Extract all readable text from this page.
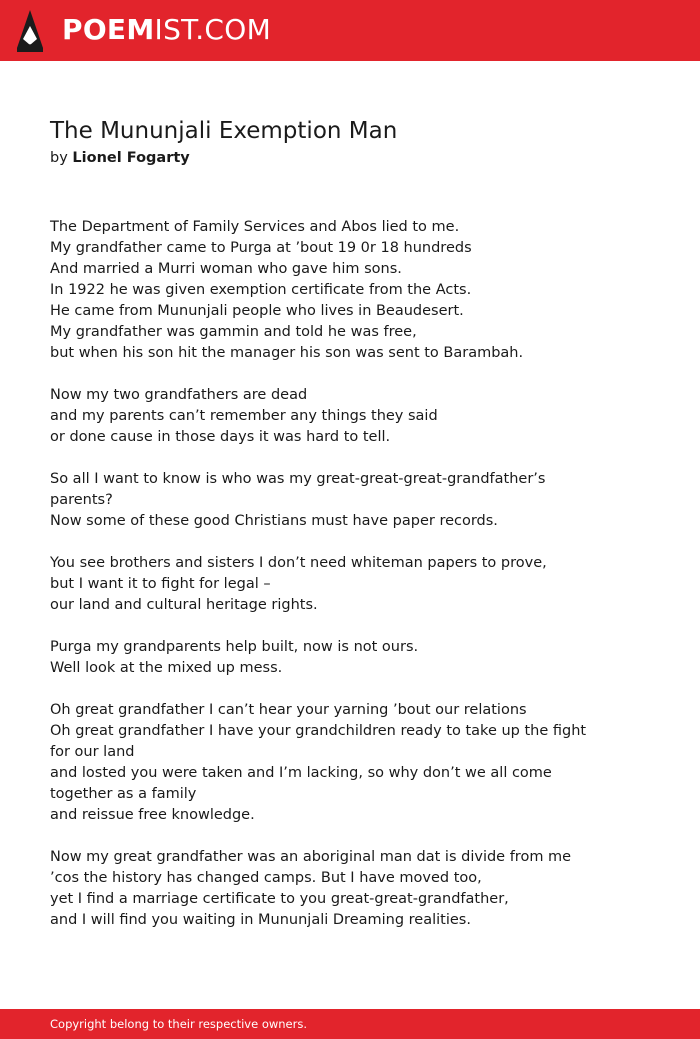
POEMIST.COM
The Mununjali Exemption Man
by Lionel Fogarty
The Department of Family Services and Abos lied to me.
My grandfather came to Purga at ’bout 19 0r 18 hundreds
And married a Murri woman who gave him sons.
In 1922 he was given exemption certificate from the Acts.
He came from Mununjali people who lives in Beaudesert.
My grandfather was gammin and told he was free,
but when his son hit the manager his son was sent to Barambah.
Now my two grandfathers are dead
and my parents can’t remember any things they said
or done cause in those days it was hard to tell.
So all I want to know is who was my great-great-great-grandfather’s
parents?
Now some of these good Christians must have paper records.
You see brothers and sisters I don’t need whiteman papers to prove,
but I want it to fight for legal –
our land and cultural heritage rights.
Purga my grandparents help built, now is not ours.
Well look at the mixed up mess.
Oh great grandfather I can’t hear your yarning ’bout our relations
Oh great grandfather I have your grandchildren ready to take up the fight
for our land
and losted you were taken and I’m lacking, so why don’t we all come
together as a family
and reissue free knowledge.
Now my great grandfather was an aboriginal man dat is divide from me
’cos the history has changed camps. But I have moved too,
yet I find a marriage certificate to you great-great-grandfather,
and I will find you waiting in Mununjali Dreaming realities.
Copyright belong to their respective owners.
